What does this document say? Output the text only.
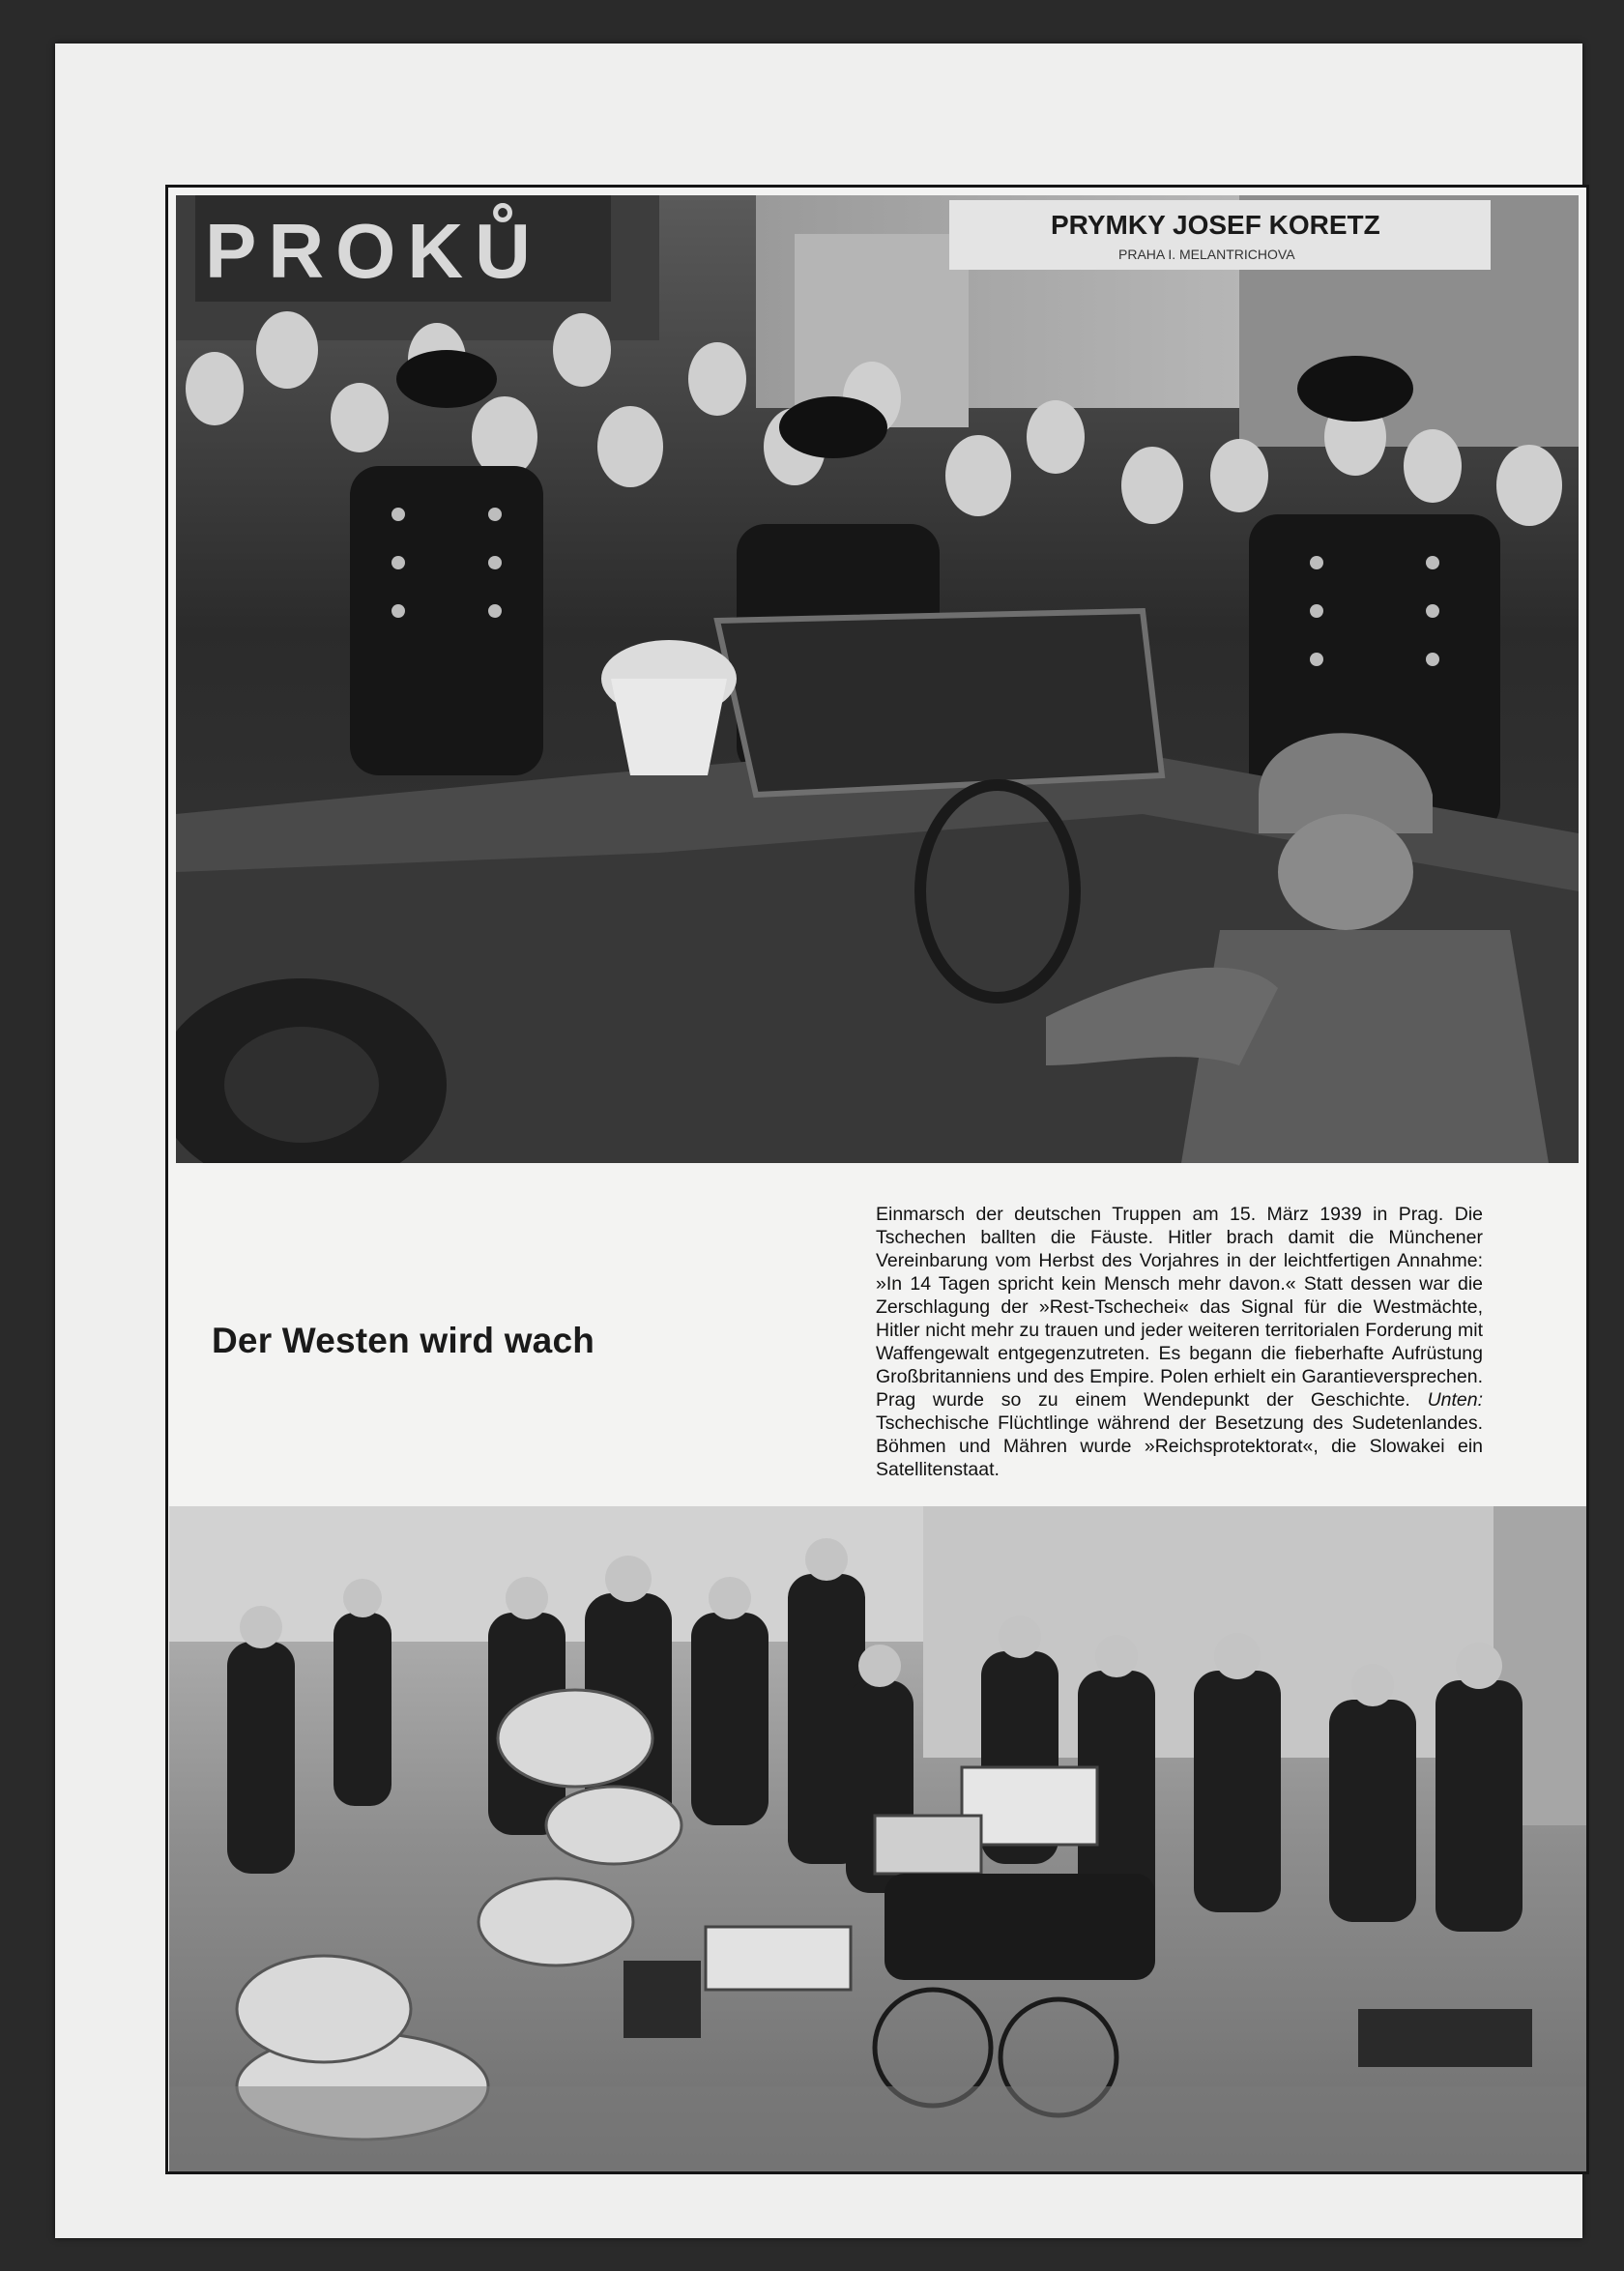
PROKŮ	PRYMKY JOSEF KORETZ
PRAHA I. MELANTRICHOVA
Der Westen wird wach

Einmarsch der deutschen Truppen am 15. März 1939 in Prag. Die Tschechen ballten die Fäuste. Hitler brach damit die Münchener Vereinbarung vom Herbst des Vorjahres in der leichtfertigen Annahme: »In 14 Tagen spricht kein Mensch mehr davon.« Statt dessen war die Zerschlagung der »Rest-Tschechei« das Signal für die Westmächte, Hitler nicht mehr zu trauen und jeder weiteren territorialen Forderung mit Waffengewalt entgegenzutreten. Es begann die fieberhafte Aufrüstung Großbritanniens und des Empire. Polen erhielt ein Garantieversprechen. Prag wurde so zu einem Wendepunkt der Geschichte. Unten: Tschechische Flüchtlinge während der Besetzung des Sudetenlandes. Böhmen und Mähren wurde »Reichsprotektorat«, die Slowakei ein Satellitenstaat.
